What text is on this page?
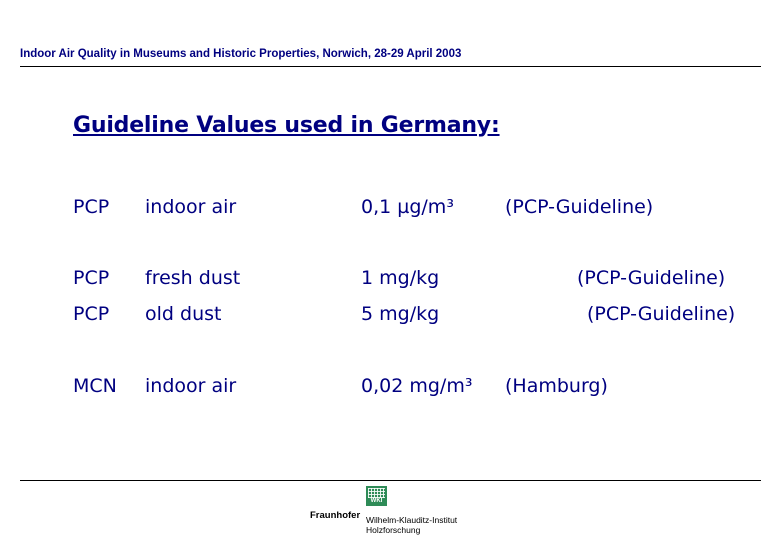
Indoor Air Quality in Museums and Historic Properties, Norwich, 28-29 April 2003
Guideline Values used in Germany:
PCP indoor air	0,1 µg/m³	(PCP-Guideline)
PCP fresh dust	1 mg/kg	(PCP-Guideline)
PCP old dust	5 mg/kg	(PCP-Guideline)
MCN indoor air	0,02 mg/m³ (Hamburg)
WKI
Fraunhofer Wilhelm-Klauditz-Institut
Holzforschung
